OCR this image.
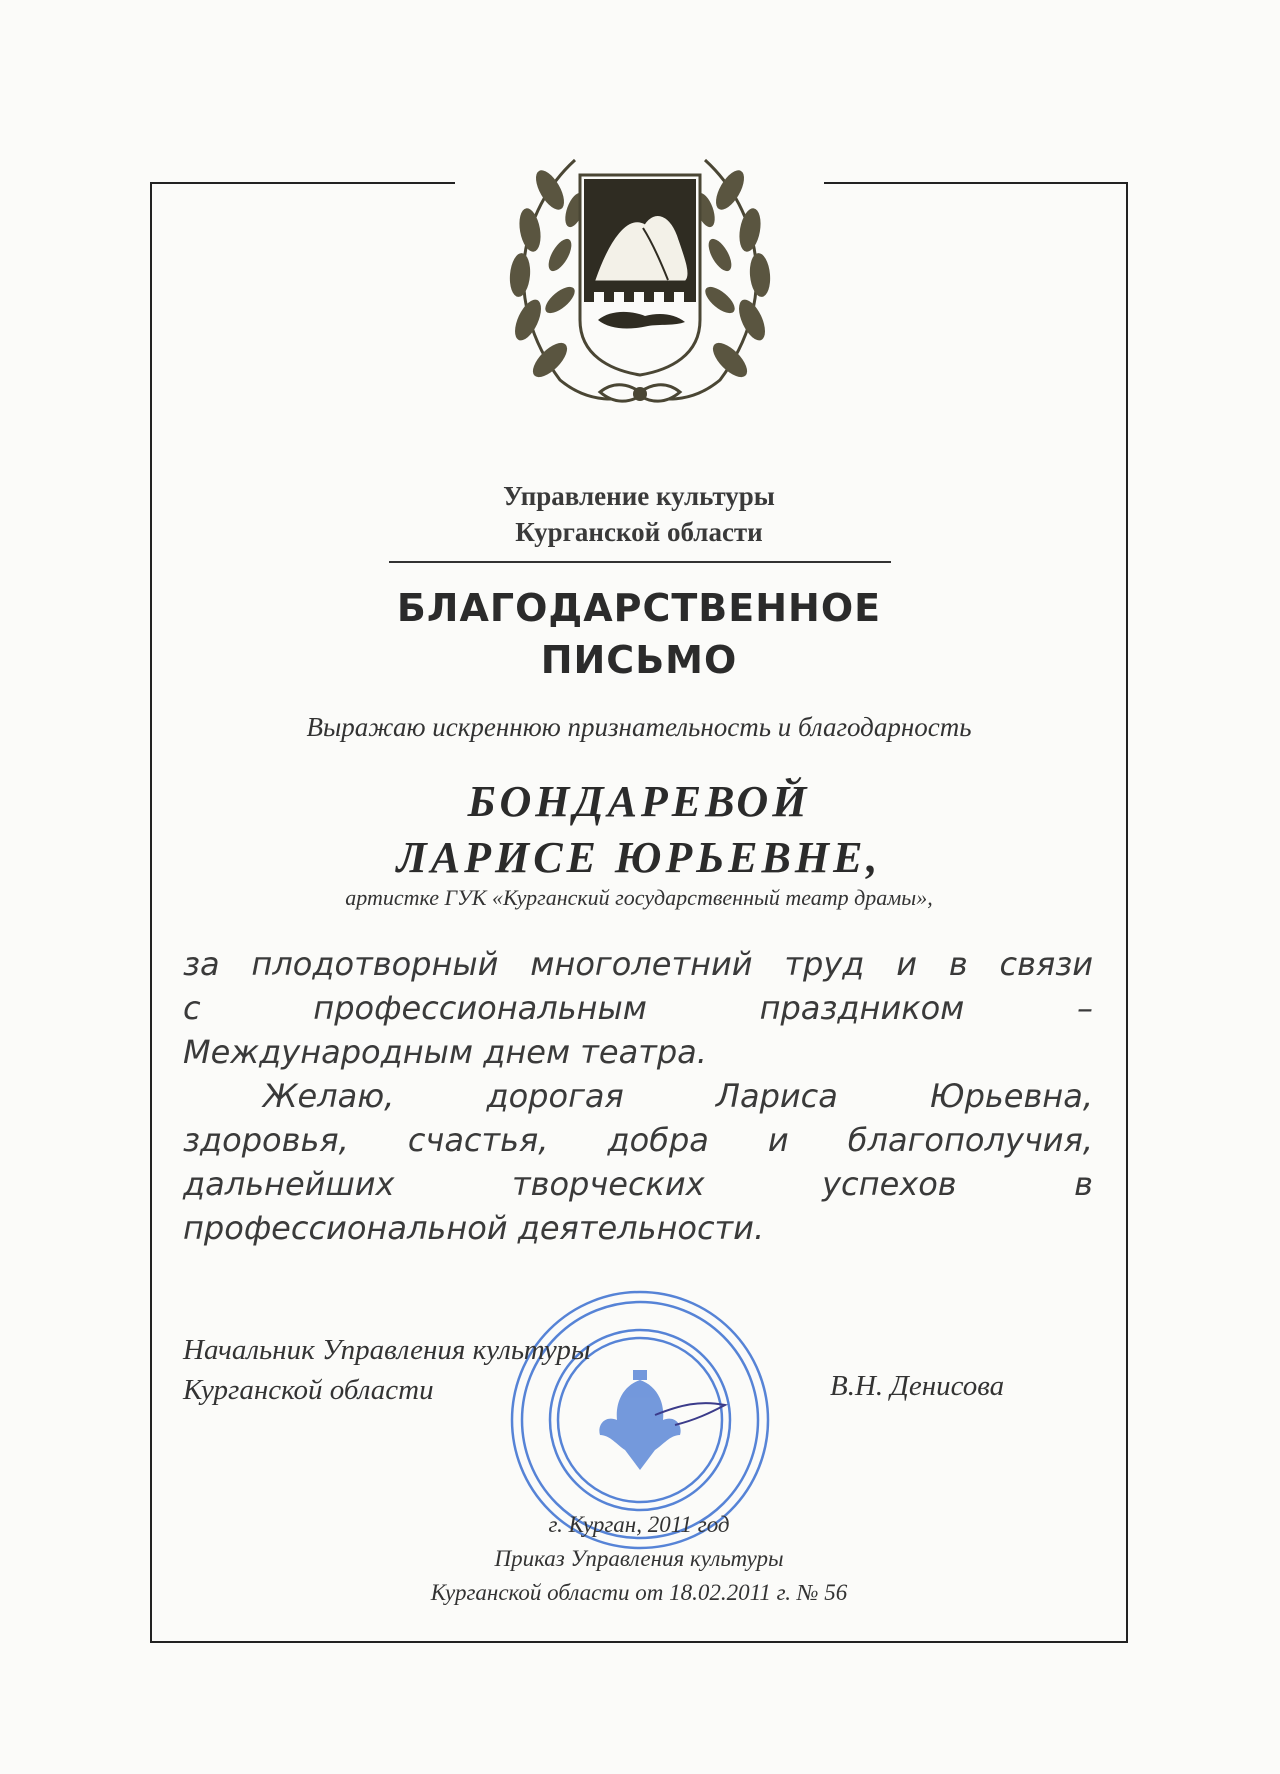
Управление культуры
Курганской области
БЛАГОДАРСТВЕННОЕ
ПИСЬМО
Выражаю искреннюю признательность и благодарность
БОНДАРЕВОЙ
ЛАРИСЕ ЮРЬЕВНЕ,
артистке ГУК «Курганский государственный театр драмы»,

за плодотворный многолетний труд и в связи
с профессиональным праздником –
Международным днем театра.

Желаю, дорогая Лариса Юрьевна,
здоровья, счастья, добра и благополучия,
дальнейших творческих успехов в
профессиональной деятельности.

Начальник Управления культуры
Курганской области	В.Н. Денисова
г. Курган, 2011 год
Приказ Управления культуры
Курганской области от 18.02.2011 г. № 56
